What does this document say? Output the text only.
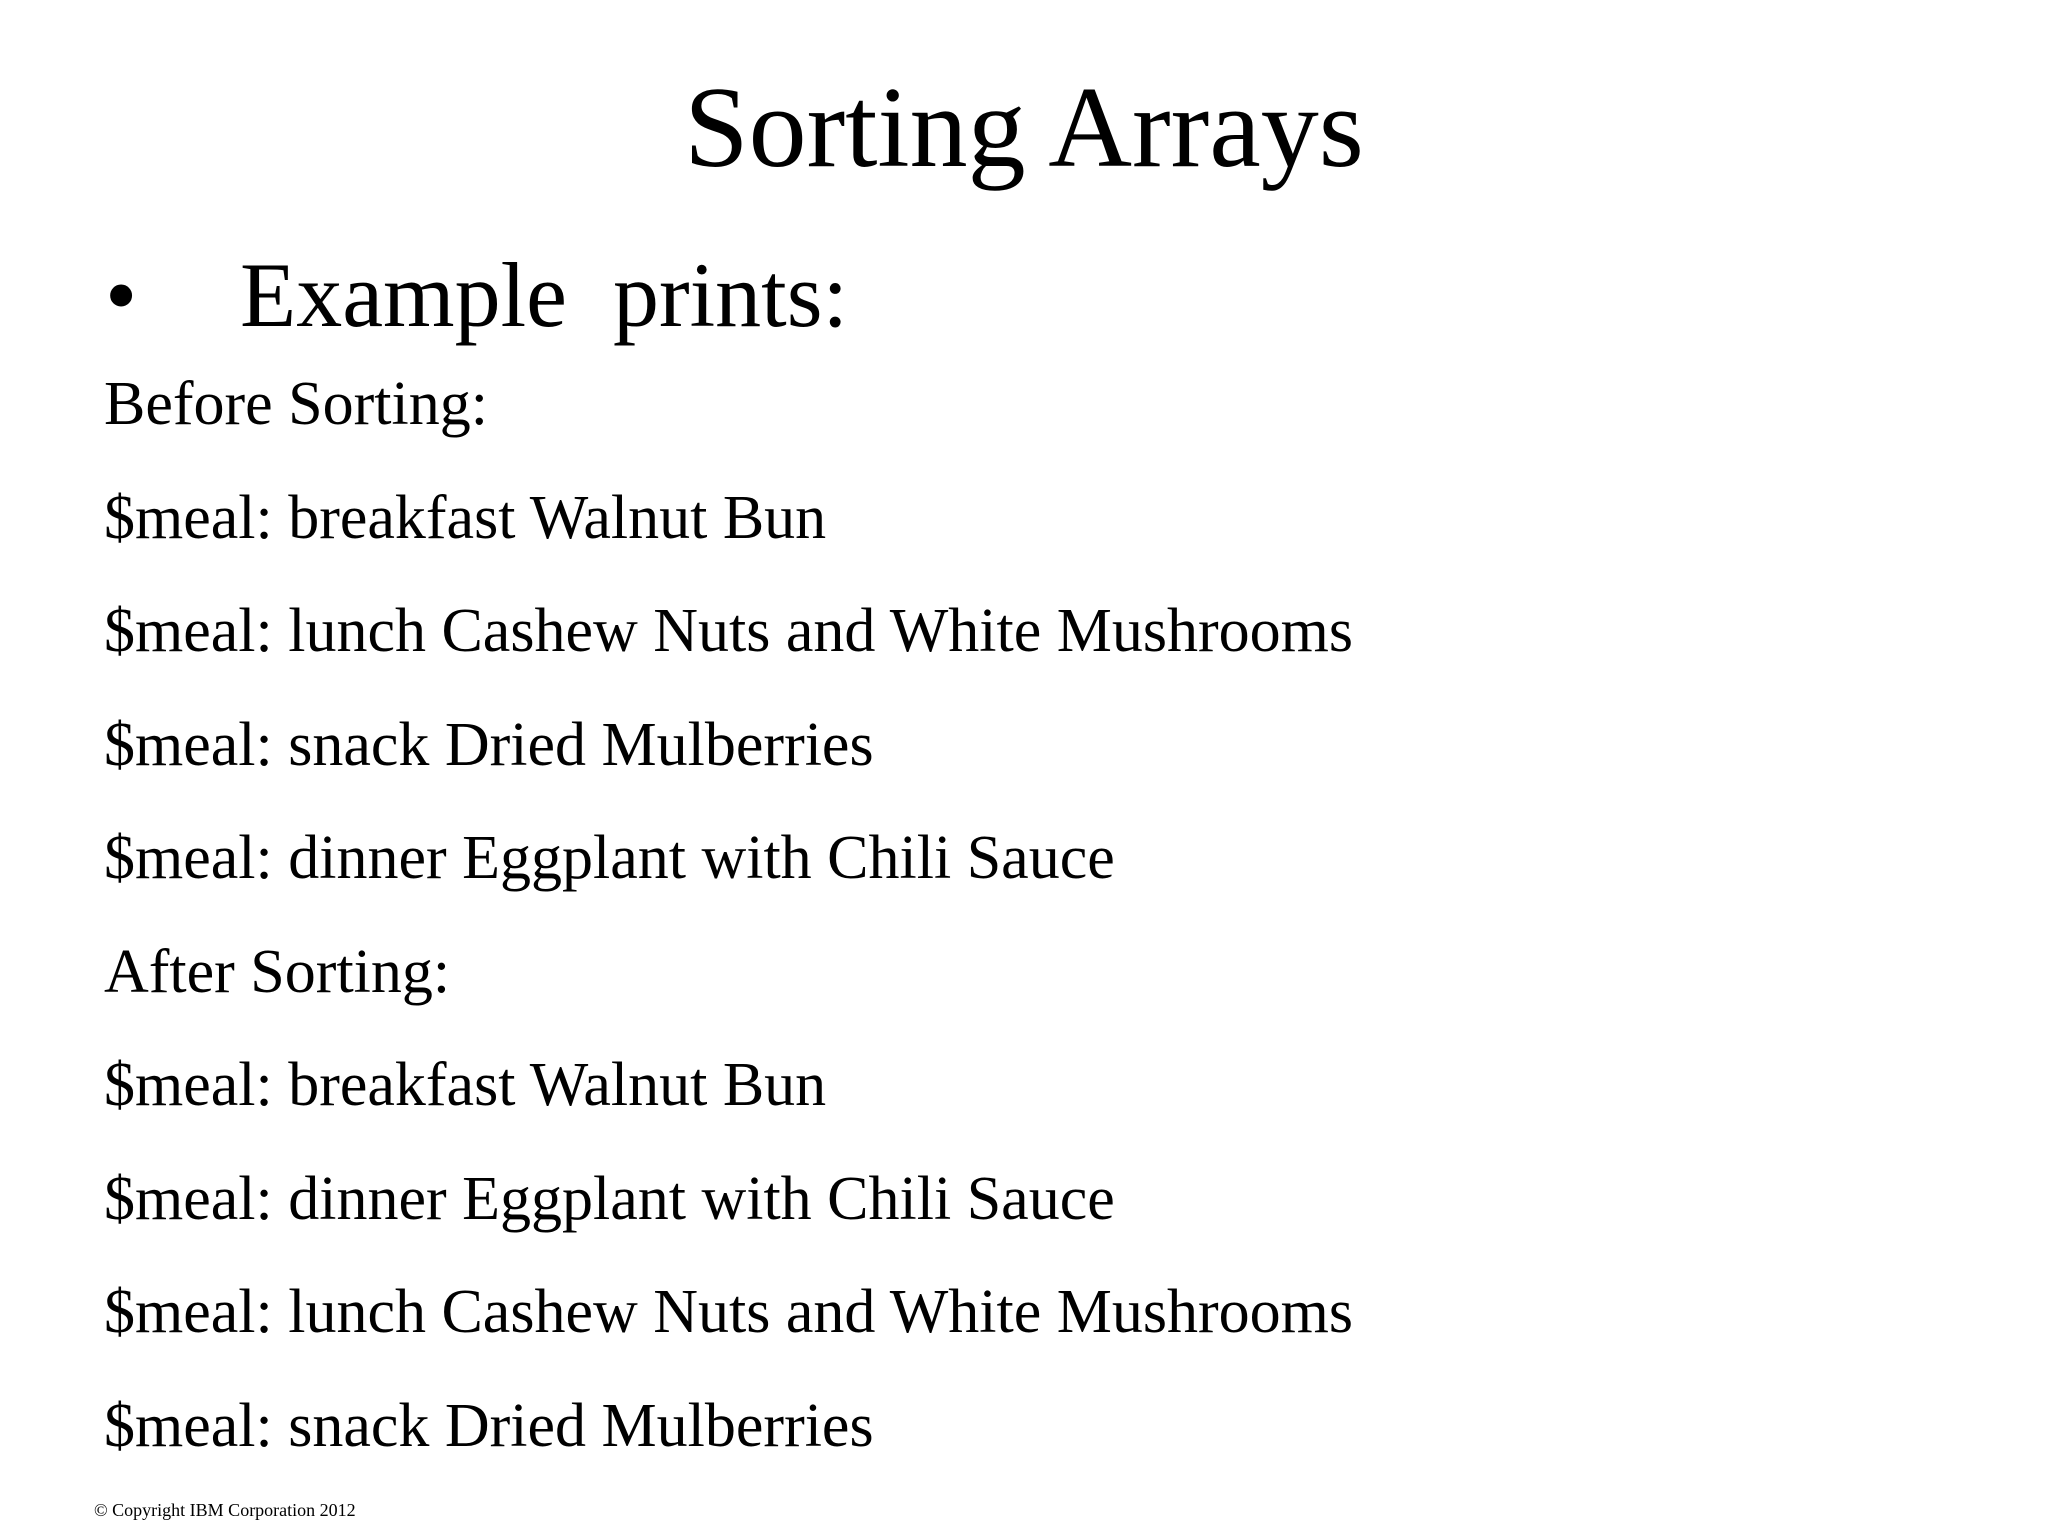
Sorting Arrays
•	Example  prints:
Before Sorting:
$meal: breakfast Walnut Bun
$meal: lunch Cashew Nuts and White Mushrooms
$meal: snack Dried Mulberries
$meal: dinner Eggplant with Chili Sauce
After Sorting:
$meal: breakfast Walnut Bun
$meal: dinner Eggplant with Chili Sauce
$meal: lunch Cashew Nuts and White Mushrooms
$meal: snack Dried Mulberries
© Copyright IBM Corporation 2012
